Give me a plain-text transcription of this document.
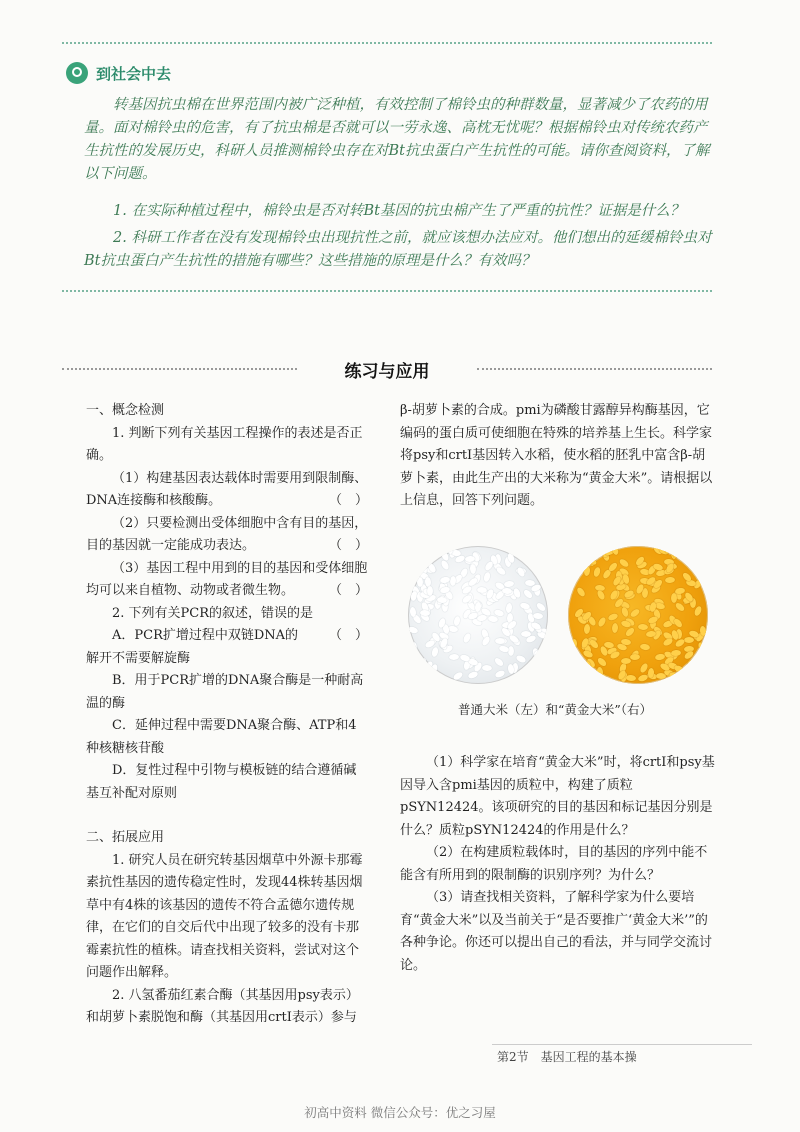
到社会中去
转基因抗虫棉在世界范围内被广泛种植，有效控制了棉铃虫的种群数量，显著减少了农药的用量。面对棉铃虫的危害，有了抗虫棉是否就可以一劳永逸、高枕无忧呢？根据棉铃虫对传统农药产生抗性的发展历史，科研人员推测棉铃虫存在对Bt抗虫蛋白产生抗性的可能。请你查阅资料，了解以下问题。
1. 在实际种植过程中，棉铃虫是否对转Bt基因的抗虫棉产生了严重的抗性？证据是什么？
2. 科研工作者在没有发现棉铃虫出现抗性之前，就应该想办法应对。他们想出的延缓棉铃虫对Bt抗虫蛋白产生抗性的措施有哪些？这些措施的原理是什么？有效吗？
练习与应用

一、概念检测

1. 判断下列有关基因工程操作的表述是否正确。

（1）构建基因表达载体时需要用到限制酶、DNA连接酶和核酸酶。	（　）

（2）只要检测出受体细胞中含有目的基因，目的基因就一定能成功表达。	（　）

（3）基因工程中用到的目的基因和受体细胞均可以来自植物、动物或者微生物。	（　）

2. 下列有关PCR的叙述，错误的是
（　）

A．PCR扩增过程中双链DNA的解开不需要解旋酶

B．用于PCR扩增的DNA聚合酶是一种耐高温的酶

C．延伸过程中需要DNA聚合酶、ATP和4种核糖核苷酸

D．复性过程中引物与模板链的结合遵循碱基互补配对原则

二、拓展应用

1. 研究人员在研究转基因烟草中外源卡那霉素抗性基因的遗传稳定性时，发现44株转基因烟草中有4株的该基因的遗传不符合孟德尔遗传规律，在它们的自交后代中出现了较多的没有卡那霉素抗性的植株。请查找相关资料，尝试对这个问题作出解释。

2. 八氢番茄红素合酶（其基因用psy表示）和胡萝卜素脱饱和酶（其基因用crtI表示）参与

β-胡萝卜素的合成。pmi为磷酸甘露醇异构酶基因，它编码的蛋白质可使细胞在特殊的培养基上生长。科学家将psy和crtI基因转入水稻，使水稻的胚乳中富含β-胡萝卜素，由此生产出的大米称为“黄金大米”。请根据以上信息，回答下列问题。

普通大米（左）和“黄金大米”（右）

（1）科学家在培育“黄金大米”时，将crtI和psy基因导入含pmi基因的质粒中，构建了质粒pSYN12424。该项研究的目的基因和标记基因分别是什么？质粒pSYN12424的作用是什么？

（2）在构建质粒载体时，目的基因的序列中能不能含有所用到的限制酶的识别序列？为什么？

（3）请查找相关资料，了解科学家为什么要培育“黄金大米”以及当前关于“是否要推广‘黄金大米’”的各种争论。你还可以提出自己的看法，并与同学交流讨论。

第2节　基因工程的基本操
初高中资料 微信公众号：优之习屋
